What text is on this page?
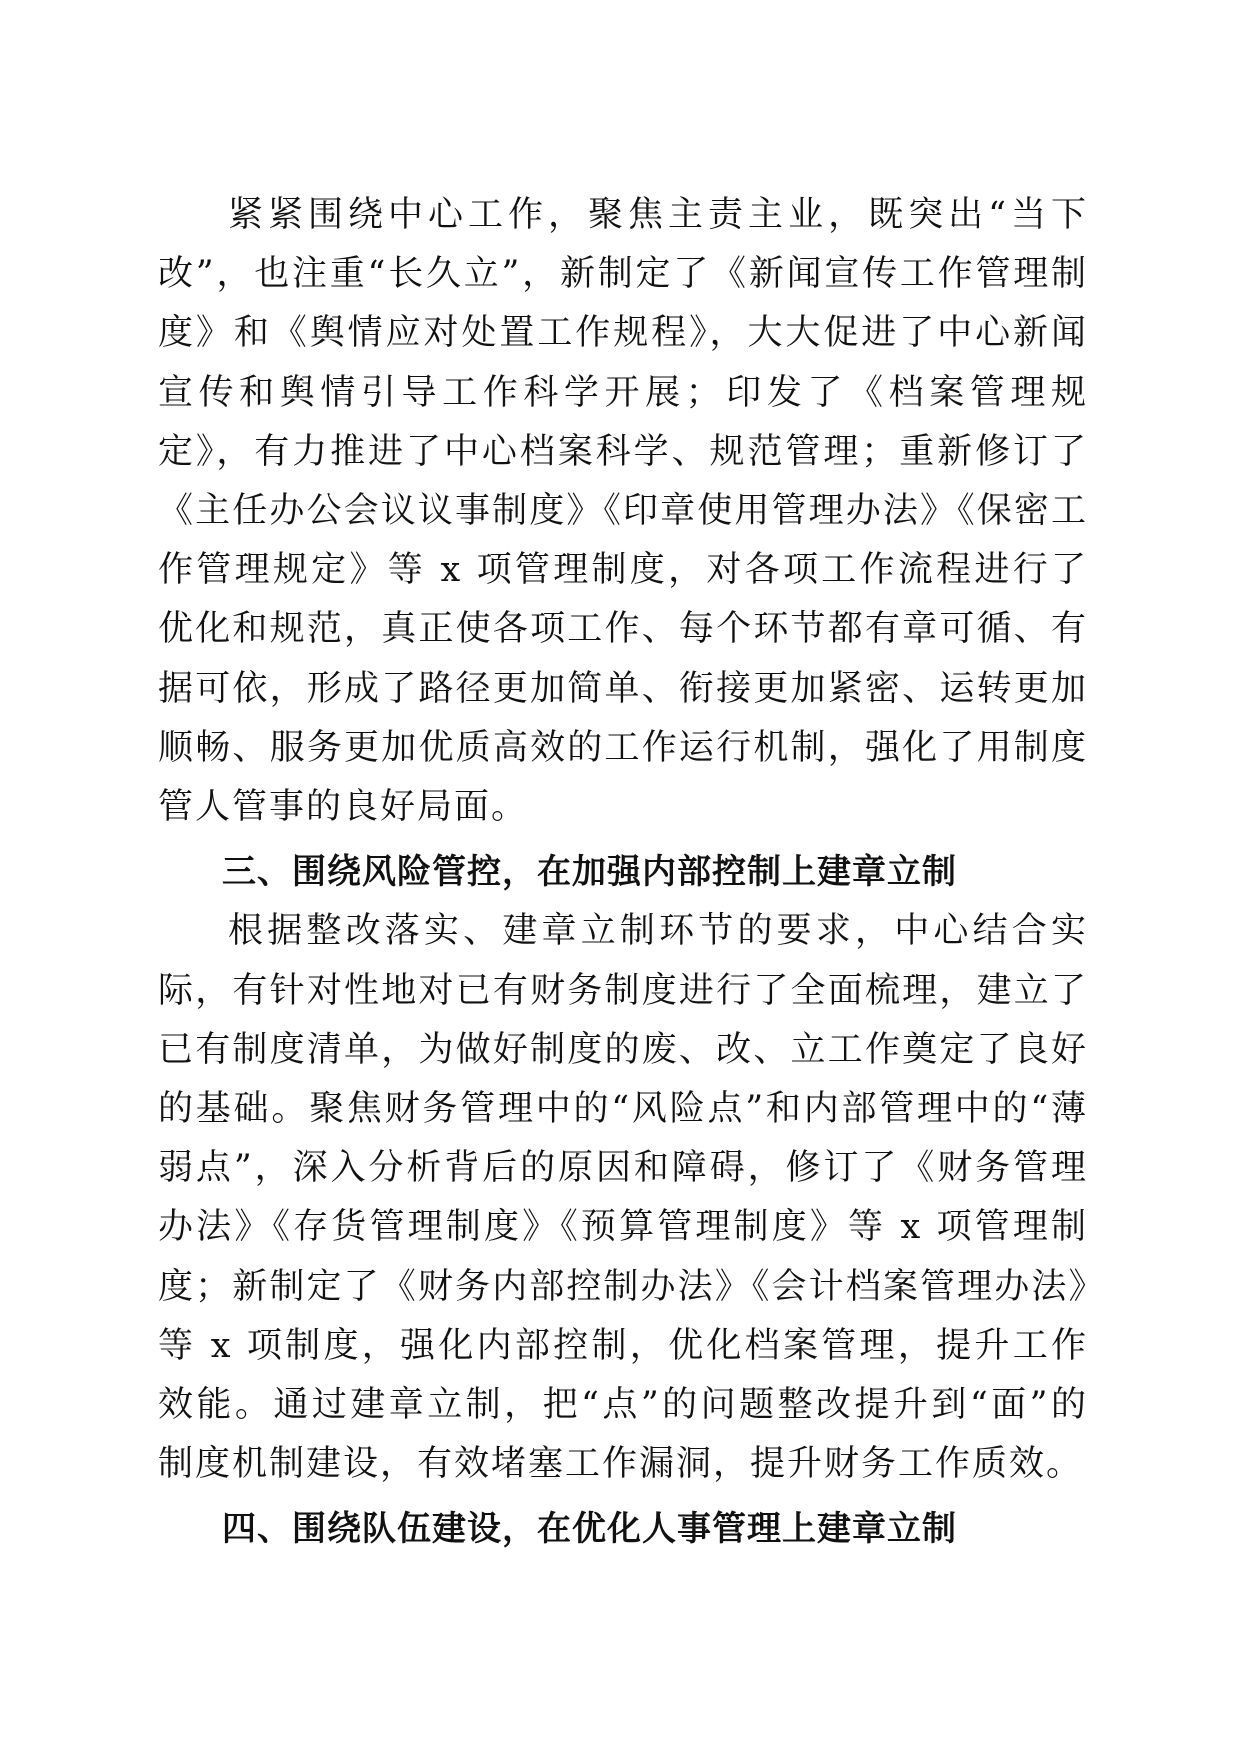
紧紧围绕中心工作，聚焦主责主业，既突出“当下改”，也注重“长久立”，新制定了《新闻宣传工作管理制度》和《舆情应对处置工作规程》，大大促进了中心新闻宣传和舆情引导工作科学开展；印发了《档案管理规定》，有力推进了中心档案科学、规范管理；重新修订了《主任办公会议议事制度》《印章使用管理办法》《保密工作管理规定》等 x 项管理制度，对各项工作流程进行了优化和规范，真正使各项工作、每个环节都有章可循、有据可依，形成了路径更加简单、衔接更加紧密、运转更加顺畅、服务更加优质高效的工作运行机制，强化了用制度管人管事的良好局面。

三、围绕风险管控，在加强内部控制上建章立制

根据整改落实、建章立制环节的要求，中心结合实际，有针对性地对已有财务制度进行了全面梳理，建立了已有制度清单，为做好制度的废、改、立工作奠定了良好的基础。聚焦财务管理中的“风险点”和内部管理中的“薄弱点”，深入分析背后的原因和障碍，修订了《财务管理办法》《存货管理制度》《预算管理制度》等 x 项管理制度；新制定了《财务内部控制办法》《会计档案管理办法》等 x 项制度，强化内部控制，优化档案管理，提升工作效能。通过建章立制，把“点”的问题整改提升到“面”的制度机制建设，有效堵塞工作漏洞，提升财务工作质效。

四、围绕队伍建设，在优化人事管理上建章立制
